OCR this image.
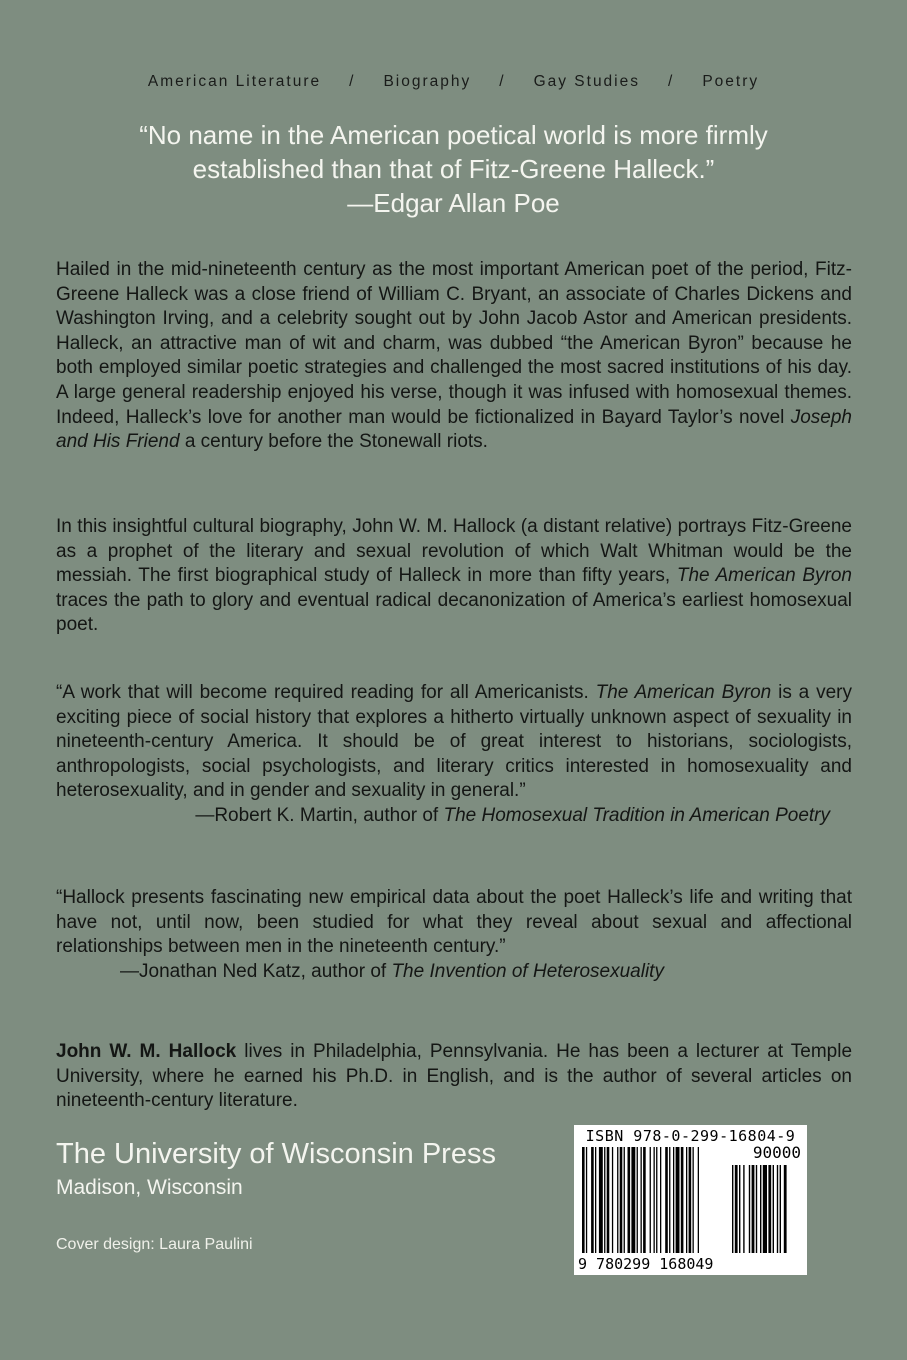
American Literature / Biography / Gay Studies / Poetry
“No name in the American poetical world is more firmly
established than that of Fitz-Greene Halleck.”
—Edgar Allan Poe

Hailed in the mid-nineteenth century as the most important American poet of the period, Fitz-Greene Halleck was a close friend of William C. Bryant, an associate of Charles Dickens and Washington Irving, and a celebrity sought out by John Jacob Astor and American presidents. Halleck, an attractive man of wit and charm, was dubbed “the American Byron” because he both employed similar poetic strategies and challenged the most sacred institutions of his day. A large general readership enjoyed his verse, though it was infused with homosexual themes. Indeed, Halleck’s love for another man would be fictionalized in Bayard Taylor’s novel Joseph and His Friend a century before the Stonewall riots.

In this insightful cultural biography, John W. M. Hallock (a distant relative) portrays Fitz-Greene as a prophet of the literary and sexual revolution of which Walt Whitman would be the messiah. The first biographical study of Halleck in more than fifty years, The American Byron traces the path to glory and eventual radical decanonization of America’s earliest homosexual poet.

“A work that will become required reading for all Americanists. The American Byron is a very exciting piece of social history that explores a hitherto virtually unknown aspect of sexuality in nineteenth-century America. It should be of great interest to historians, sociologists, anthropologists, social psychologists, and literary critics interested in homosexuality and heterosexuality, and in gender and sexuality in general.”

—Robert K. Martin, author of The Homosexual Tradition in American Poetry

“Hallock presents fascinating new empirical data about the poet Halleck’s life and writing that have not, until now, been studied for what they reveal about sexual and affectional relationships between men in the nineteenth century.”

—Jonathan Ned Katz, author of The Invention of Heterosexuality

John W. M. Hallock lives in Philadelphia, Pennsylvania. He has been a lecturer at Temple University, where he earned his Ph.D. in English, and is the author of several articles on nineteenth-century literature.

The University of Wisconsin Press
Madison, Wisconsin
Cover design: Laura Paulini
ISBN 978-0-299-16804-9
90000
9 780299 168049
